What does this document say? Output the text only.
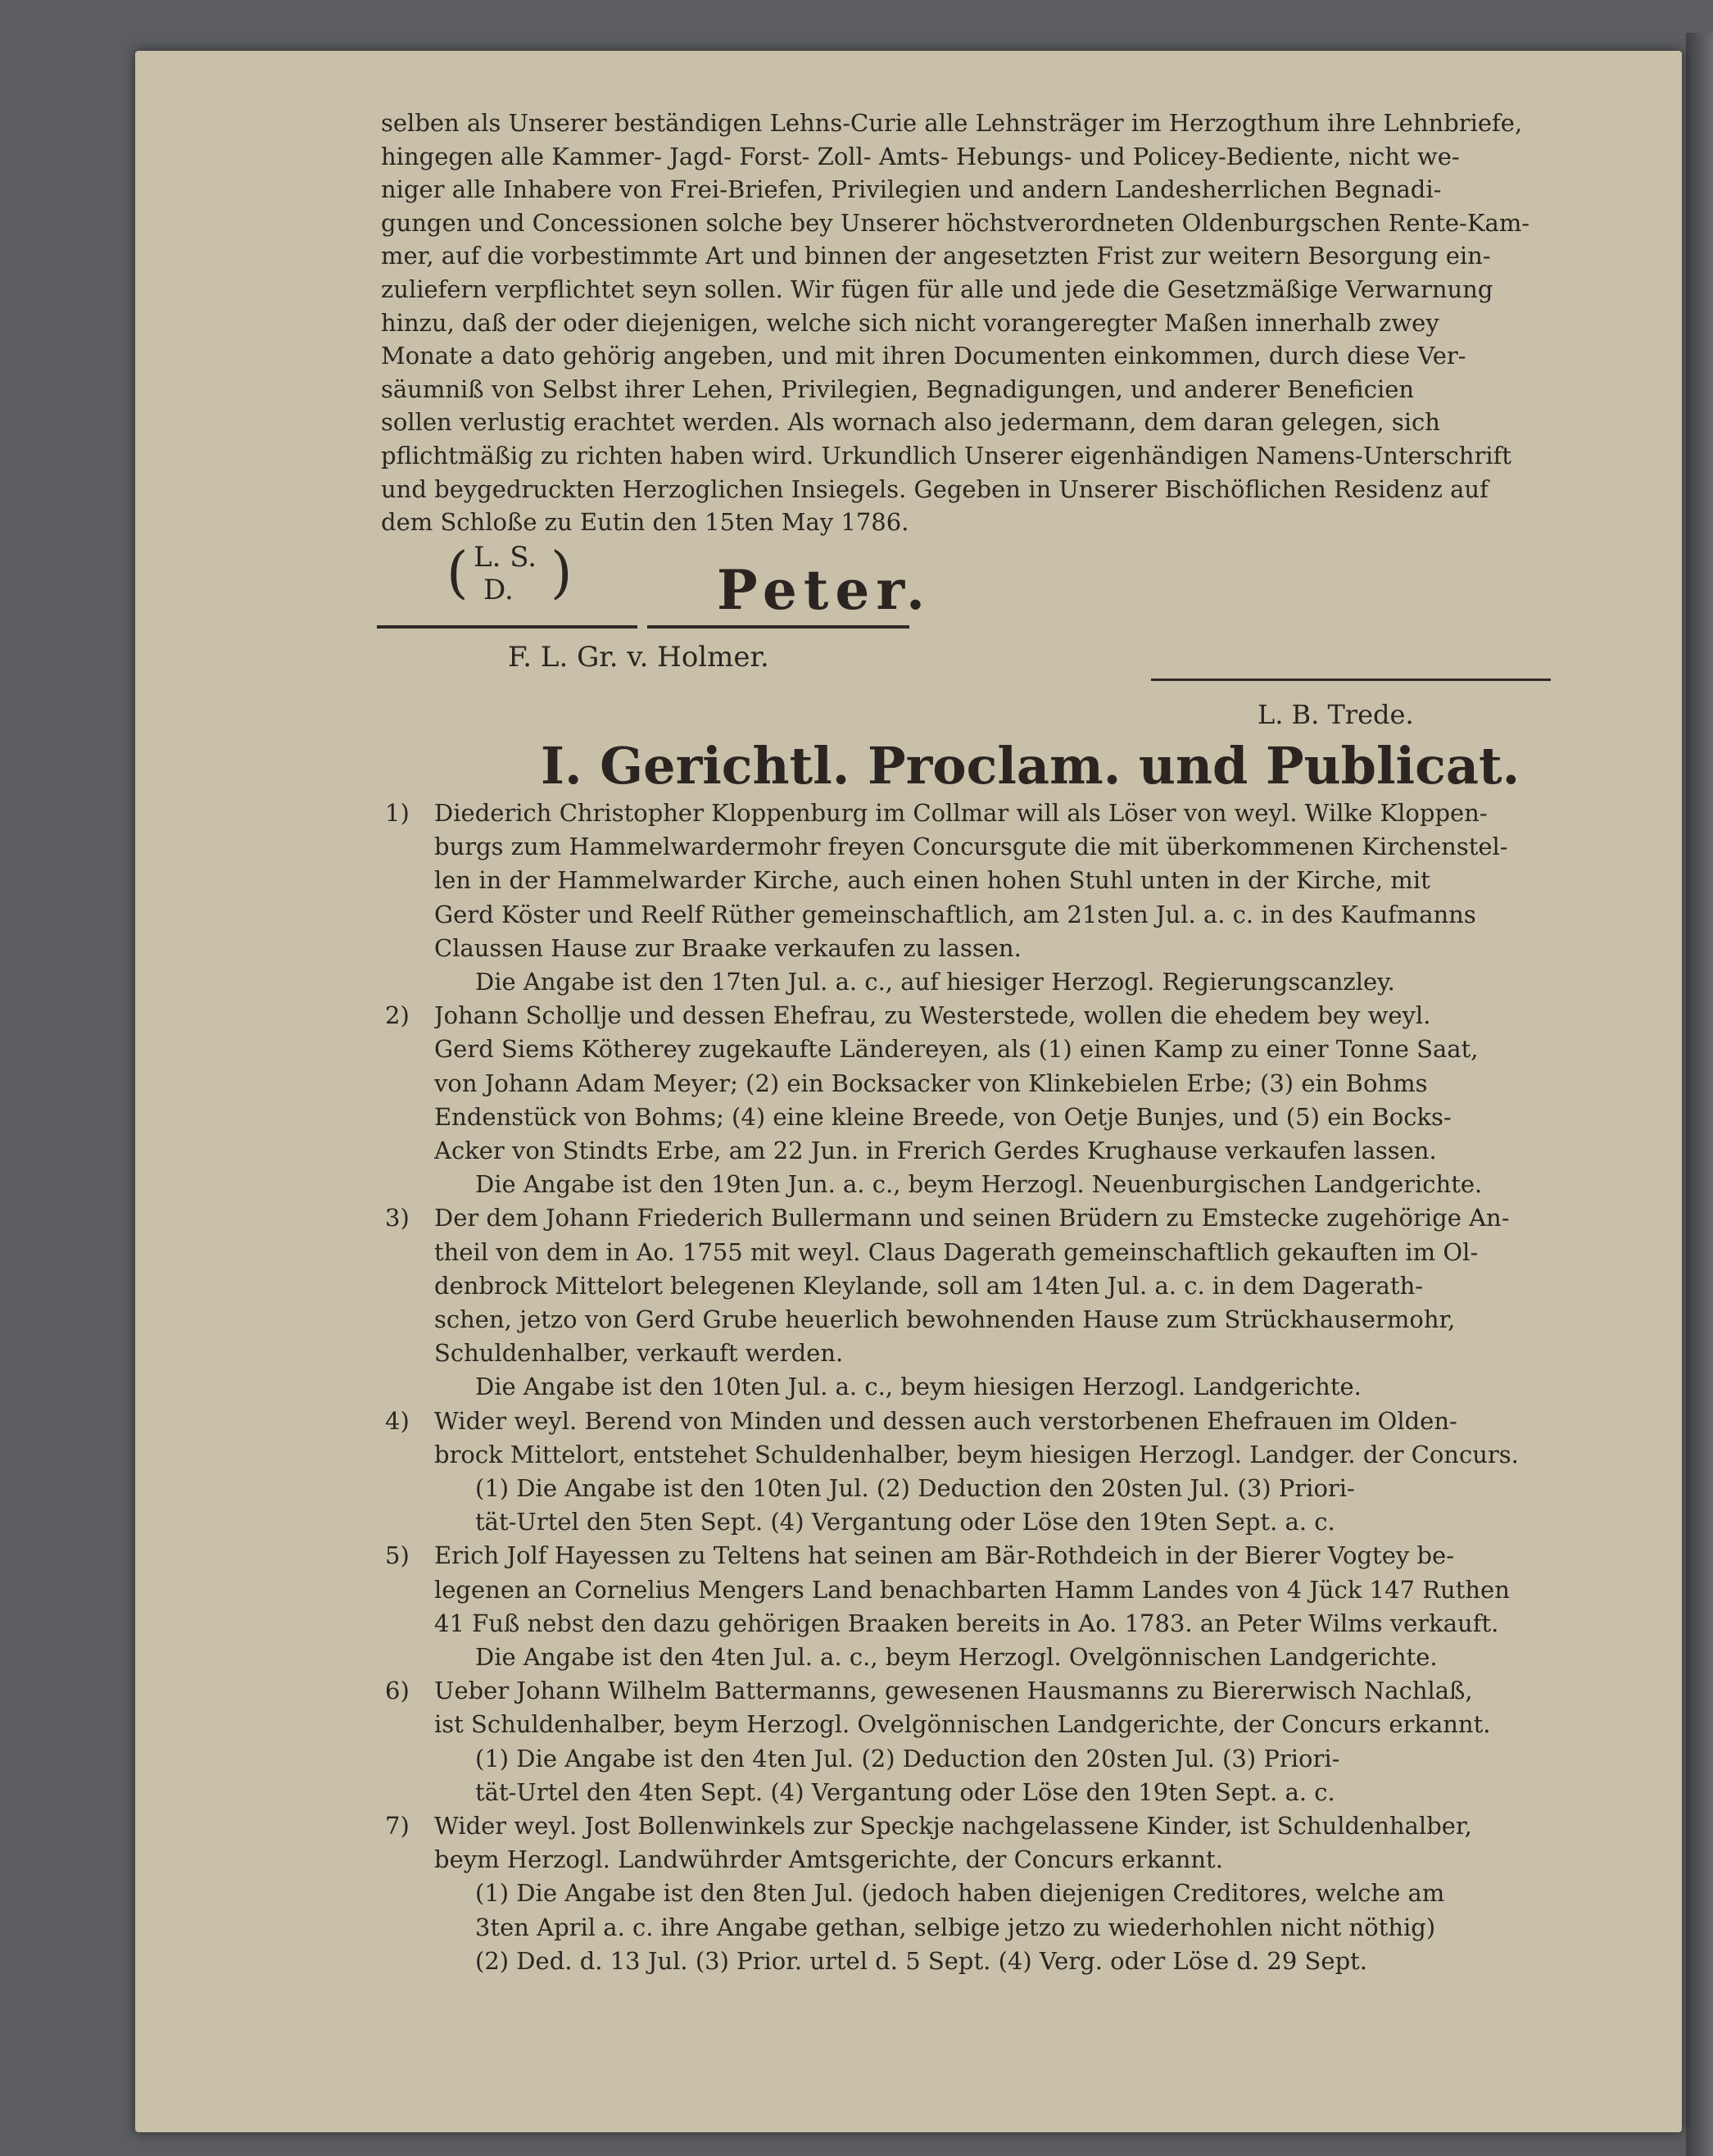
selben als Unserer beständigen Lehns-Curie alle Lehnsträger im Herzogthum ihre Lehnbriefe,
hingegen alle Kammer- Jagd- Forst- Zoll- Amts- Hebungs- und Policey-Bediente, nicht we-
niger alle Inhabere von Frei-Briefen, Privilegien und andern Landesherrlichen Begnadi-
gungen und Concessionen solche bey Unserer höchstverordneten Oldenburgschen Rente-Kam-
mer, auf die vorbestimmte Art und binnen der angesetzten Frist zur weitern Besorgung ein-
zuliefern verpflichtet seyn sollen. Wir fügen für alle und jede die Gesetzmäßige Verwarnung
hinzu, daß der oder diejenigen, welche sich nicht vorangeregter Maßen innerhalb zwey
Monate a dato gehörig angeben, und mit ihren Documenten einkommen, durch diese Ver-
säumniß von Selbst ihrer Lehen, Privilegien, Begnadigungen, und anderer Beneficien
sollen verlustig erachtet werden. Als wornach also jedermann, dem daran gelegen, sich
pflichtmäßig zu richten haben wird. Urkundlich Unserer eigenhändigen Namens-Unterschrift
und beygedruckten Herzoglichen Insiegels. Gegeben in Unserer Bischöflichen Residenz auf
dem Schloße zu Eutin den 15ten May 1786.
( L. S.
D. )	Peter.
F. L. Gr. v. Holmer.
L. B. Trede.
I. Gerichtl. Proclam. und Publicat.
1) Diederich Christopher Kloppenburg im Collmar will als Löser von weyl. Wilke Kloppen-
burgs zum Hammelwardermohr freyen Concursgute die mit überkommenen Kirchenstel-
len in der Hammelwarder Kirche, auch einen hohen Stuhl unten in der Kirche, mit
Gerd Köster und Reelf Rüther gemeinschaftlich, am 21sten Jul. a. c. in des Kaufmanns
Claussen Hause zur Braake verkaufen zu lassen.
Die Angabe ist den 17ten Jul. a. c., auf hiesiger Herzogl. Regierungscanzley.
2) Johann Schollje und dessen Ehefrau, zu Westerstede, wollen die ehedem bey weyl.
Gerd Siems Kötherey zugekaufte Ländereyen, als (1) einen Kamp zu einer Tonne Saat,
von Johann Adam Meyer; (2) ein Bocksacker von Klinkebielen Erbe; (3) ein Bohms
Endenstück von Bohms; (4) eine kleine Breede, von Oetje Bunjes, und (5) ein Bocks-
Acker von Stindts Erbe, am 22 Jun. in Frerich Gerdes Krughause verkaufen lassen.
Die Angabe ist den 19ten Jun. a. c., beym Herzogl. Neuenburgischen Landgerichte.
3) Der dem Johann Friederich Bullermann und seinen Brüdern zu Emstecke zugehörige An-
theil von dem in Ao. 1755 mit weyl. Claus Dagerath gemeinschaftlich gekauften im Ol-
denbrock Mittelort belegenen Kleylande, soll am 14ten Jul. a. c. in dem Dagerath-
schen, jetzo von Gerd Grube heuerlich bewohnenden Hause zum Strückhausermohr,
Schuldenhalber, verkauft werden.
Die Angabe ist den 10ten Jul. a. c., beym hiesigen Herzogl. Landgerichte.
4) Wider weyl. Berend von Minden und dessen auch verstorbenen Ehefrauen im Olden-
brock Mittelort, entstehet Schuldenhalber, beym hiesigen Herzogl. Landger. der Concurs.
(1) Die Angabe ist den 10ten Jul. (2) Deduction den 20sten Jul. (3) Priori-
tät-Urtel den 5ten Sept. (4) Vergantung oder Löse den 19ten Sept. a. c.
5) Erich Jolf Hayessen zu Teltens hat seinen am Bär-Rothdeich in der Bierer Vogtey be-
legenen an Cornelius Mengers Land benachbarten Hamm Landes von 4 Jück 147 Ruthen
41 Fuß nebst den dazu gehörigen Braaken bereits in Ao. 1783. an Peter Wilms verkauft.
Die Angabe ist den 4ten Jul. a. c., beym Herzogl. Ovelgönnischen Landgerichte.
6) Ueber Johann Wilhelm Battermanns, gewesenen Hausmanns zu Biererwisch Nachlaß,
ist Schuldenhalber, beym Herzogl. Ovelgönnischen Landgerichte, der Concurs erkannt.
(1) Die Angabe ist den 4ten Jul. (2) Deduction den 20sten Jul. (3) Priori-
tät-Urtel den 4ten Sept. (4) Vergantung oder Löse den 19ten Sept. a. c.
7) Wider weyl. Jost Bollenwinkels zur Speckje nachgelassene Kinder, ist Schuldenhalber,
beym Herzogl. Landwührder Amtsgerichte, der Concurs erkannt.
(1) Die Angabe ist den 8ten Jul. (jedoch haben diejenigen Creditores, welche am
3ten April a. c. ihre Angabe gethan, selbige jetzo zu wiederhohlen nicht nöthig)
(2) Ded. d. 13 Jul. (3) Prior. urtel d. 5 Sept. (4) Verg. oder Löse d. 29 Sept.
